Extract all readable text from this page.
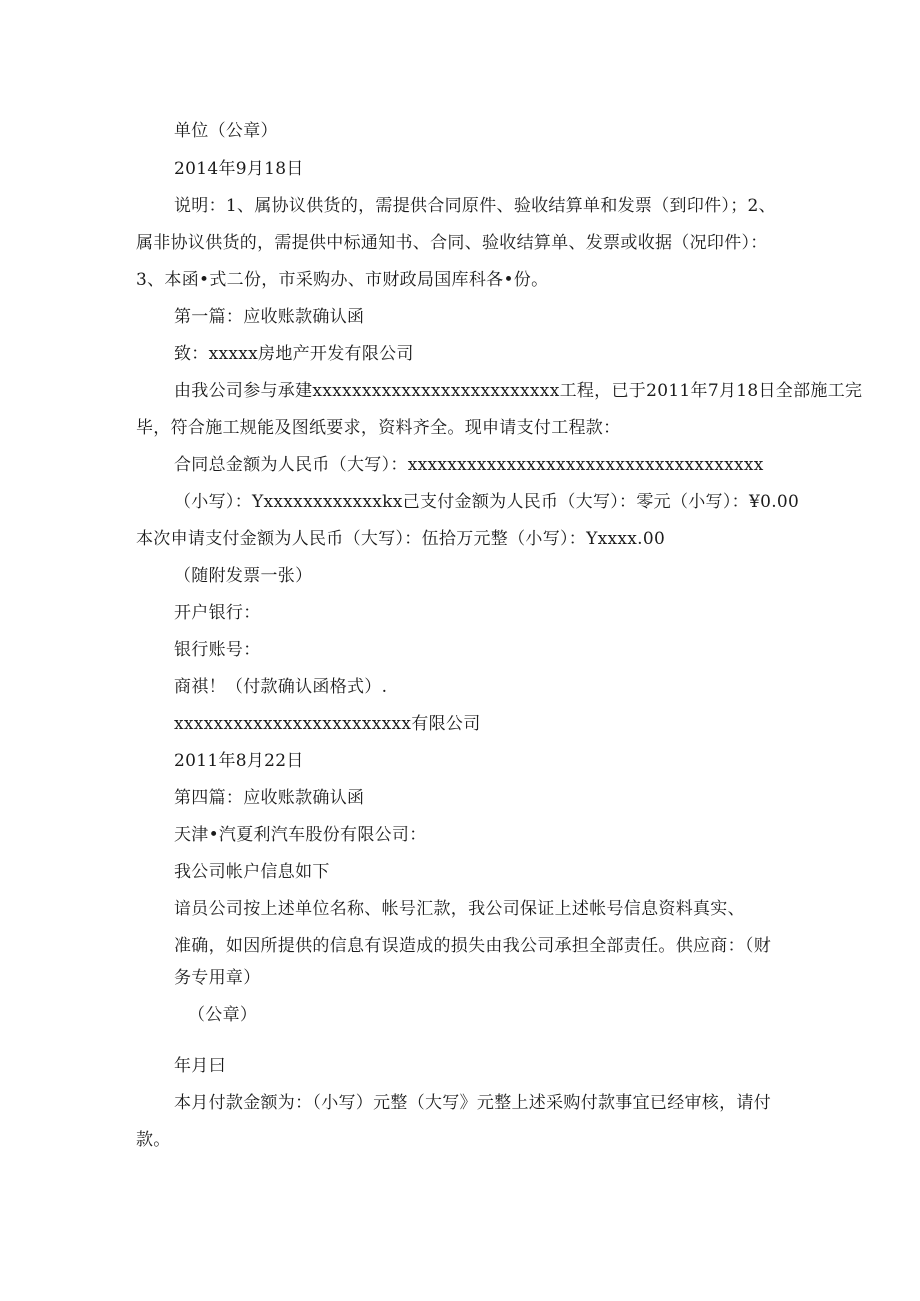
单位（公章）
2014年9月18日
说明：1、属协议供货的，需提供合同原件、验收结算单和发票（到印件）；2、
属非协议供货的，需提供中标通知书、合同、验收结算单、发票或收据（况印件）：
3、本函•式二份，市采购办、市财政局国库科各•份。
第一篇：应收账款确认函
致：xxxxx房地产开发有限公司
由我公司参与承建xxxxxxxxxxxxxxxxxxxxxxxxx工程，已于2011年7月18日全部施工完
毕，符合施工规能及图纸要求，资料齐全。现申请支付工程款：
合同总金额为人民币（大写）：xxxxxxxxxxxxxxxxxxxxxxxxxxxxxxxxxxxx
（小写）：Yxxxxxxxxxxxxkx己支付金额为人民币（大写）：零元（小写）：¥0.00
本次申请支付金额为人民币（大写）：伍拾万元整（小写）：Yxxxx.00
（随附发票一张）
开户银行：
银行账号：
商祺！（付款确认函格式）.
xxxxxxxxxxxxxxxxxxxxxxxx有限公司
2011年8月22日
第四篇：应收账款确认函
天津•汽夏利汽车股份有限公司：
我公司帐户信息如下
谙员公司按上述单位名称、帐号汇款，我公司保证上述帐号信息资料真实、
准确，如因所提供的信息有误造成的损失由我公司承担全部责任。供应商：（财
务专用章）
（公章）
年月曰
本月付款金额为：（小写）元整（大写》元整上述采购付款事宜已经审核，请付
款。
